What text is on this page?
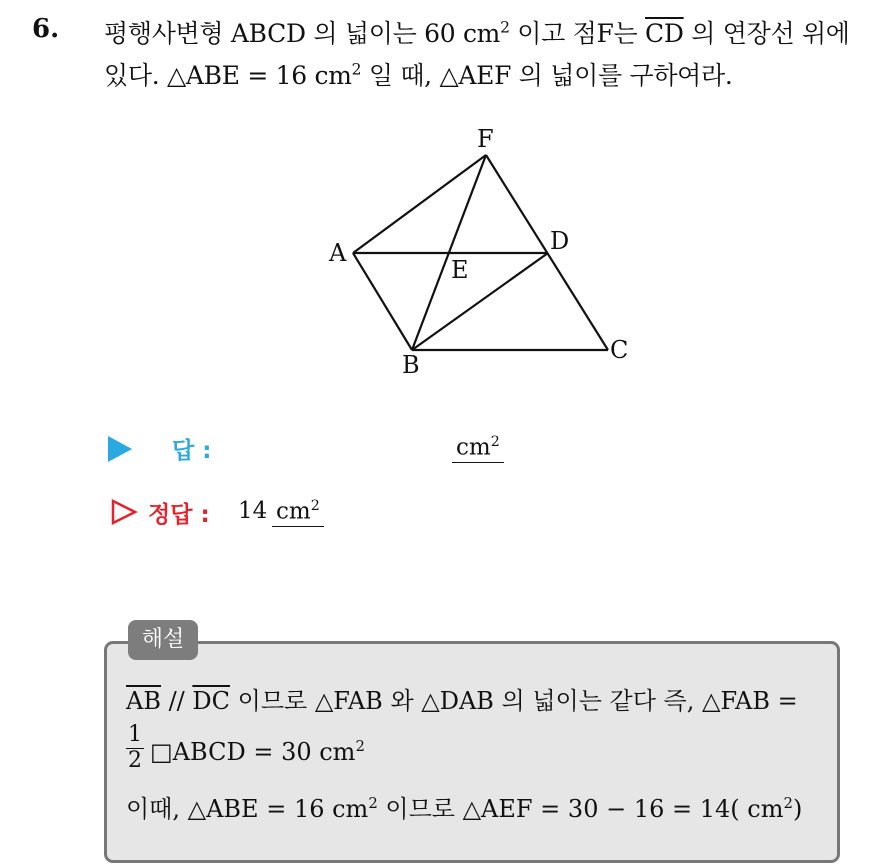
6. 평행사변형 ABCD 의 넓이는 60 $cm^2$ 이고 점F는 $\overline{CD}$ 의 연장선 위에
있다. △ABE = 16 $cm^2$ 일 때, △AEF 의 넓이를 구하여라.
F
A	D
E
B
C
답 :	$cm^2$
정답 : 14 $cm^2$
해설
$\overline{AB} // \overline{DC}$ 이므로 △FAB 와 △DAB 의 넓이는 같다 즉, △FAB =
1
2 □ABCD = 30 $cm^2$
이때, △ABE = 16 $cm^2$ 이므로 △AEF = 30 − 16 = 14( $cm^2$)
